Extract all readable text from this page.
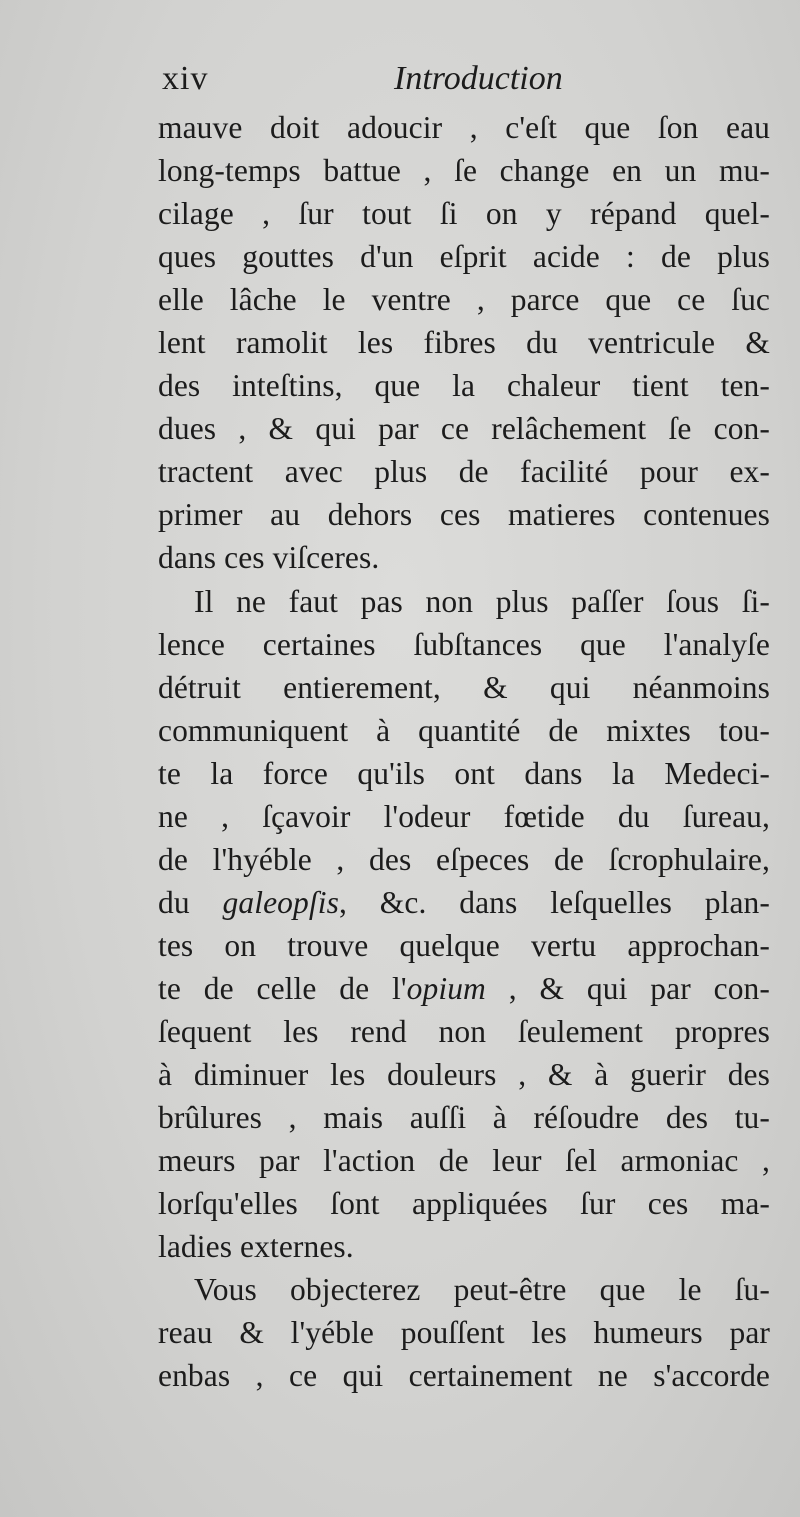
xiv	Introduction
mauve doit adoucir , c'eſt que ſon eau
long-temps battue , ſe change en un mu-
cilage , ſur tout ſi on y répand quel-
ques gouttes d'un eſprit acide : de plus
elle lâche le ventre , parce que ce ſuc
lent ramolit les fibres du ventricule &
des inteſtins, que la chaleur tient ten-
dues , & qui par ce relâchement ſe con-
tractent avec plus de facilité pour ex-
primer au dehors ces matieres contenues
dans ces viſceres.
Il ne faut pas non plus paſſer ſous ſi-
lence certaines ſubſtances que l'analyſe
détruit entierement, & qui néanmoins
communiquent à quantité de mixtes tou-
te la force qu'ils ont dans la Medeci-
ne , ſçavoir l'odeur fœtide du ſureau,
de l'hyéble , des eſpeces de ſcrophulaire,
du galeopſis, &c. dans leſquelles plan-
tes on trouve quelque vertu approchan-
te de celle de l'opium , & qui par con-
ſequent les rend non ſeulement propres
à diminuer les douleurs , & à guerir des
brûlures , mais auſſi à réſoudre des tu-
meurs par l'action de leur ſel armoniac ,
lorſqu'elles ſont appliquées ſur ces ma-
ladies externes.
Vous objecterez peut-être que le ſu-
reau & l'yéble pouſſent les humeurs par
enbas , ce qui certainement ne s'accorde
